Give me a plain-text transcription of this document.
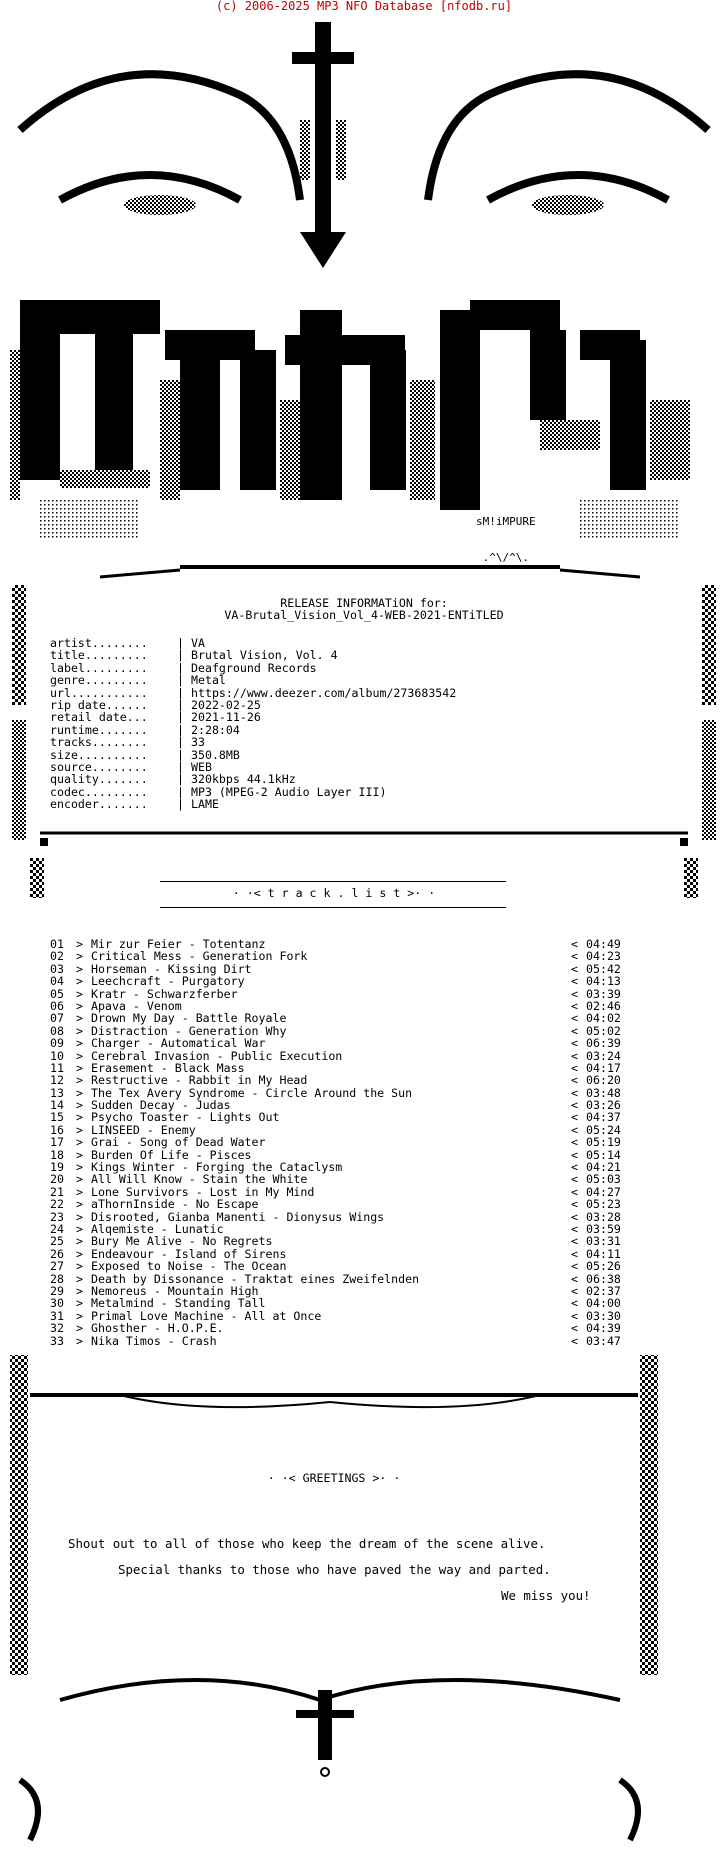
(c) 2006-2025 MP3 NFO Database [nfodb.ru]

sM!iMPURE

.^\/^\.

RELEASE INFORMATiON for:
VA-Brutal_Vision_Vol_4-WEB-2021-ENTiTLED
artist........	|	VA
title.........	|	Brutal Vision, Vol. 4
label.........	|	Deafground Records
genre.........	|	Metal
url...........	|	https://www.deezer.com/album/273683542
rip date......	|	2022-02-25
retail date...	|	2021-11-26
runtime.......	|	2:28:04
tracks........	|	33
size..........	|	350.8MB
source........	|	WEB
quality.......	|	320kbps 44.1kHz
codec.........	|	MP3 (MPEG-2 Audio Layer III)
encoder.......	|	LAME
· ·< t r a c k . l i s t >· ·
01 > Mir zur Feier - Totentanz	< 04:49
02 > Critical Mess - Generation Fork	< 04:23
03 > Horseman - Kissing Dirt	< 05:42
04 > Leechcraft - Purgatory	< 04:13
05 > Kratr - Schwarzferber	< 03:39
06 > Apava - Venom	< 02:46
07 > Drown My Day - Battle Royale	< 04:02
08 > Distraction - Generation Why	< 05:02
09 > Charger - Automatical War	< 06:39
10 > Cerebral Invasion - Public Execution	< 03:24
11 > Erasement - Black Mass	< 04:17
12 > Restructive - Rabbit in My Head	< 06:20
13 > The Tex Avery Syndrome - Circle Around the Sun	< 03:48
14 > Sudden Decay - Judas	< 03:26
15 > Psycho Toaster - Lights Out	< 04:37
16 > LINSEED - Enemy	< 05:24
17 > Grai - Song of Dead Water	< 05:19
18 > Burden Of Life - Pisces	< 05:14
19 > Kings Winter - Forging the Cataclysm	< 04:21
20 > All Will Know - Stain the White	< 05:03
21 > Lone Survivors - Lost in My Mind	< 04:27
22 > aThornInside - No Escape	< 05:23
23 > Disrooted, Gianba Manenti - Dionysus Wings	< 03:28
24 > Alqemiste - Lunatic	< 03:59
25 > Bury Me Alive - No Regrets	< 03:31
26 > Endeavour - Island of Sirens	< 04:11
27 > Exposed to Noise - The Ocean	< 05:26
28 > Death by Dissonance - Traktat eines Zweifelnden	< 06:38
29 > Nemoreus - Mountain High	< 02:37
30 > Metalmind - Standing Tall	< 04:00
31 > Primal Love Machine - All at Once	< 03:30
32 > Ghosther - H.O.P.E.	< 04:39
33 > Nika Timos - Crash	< 03:47
· ·< GREETINGS >· ·
Shout out to all of those who keep the dream of the scene alive.
Special thanks to those who have paved the way and parted.
We miss you!
